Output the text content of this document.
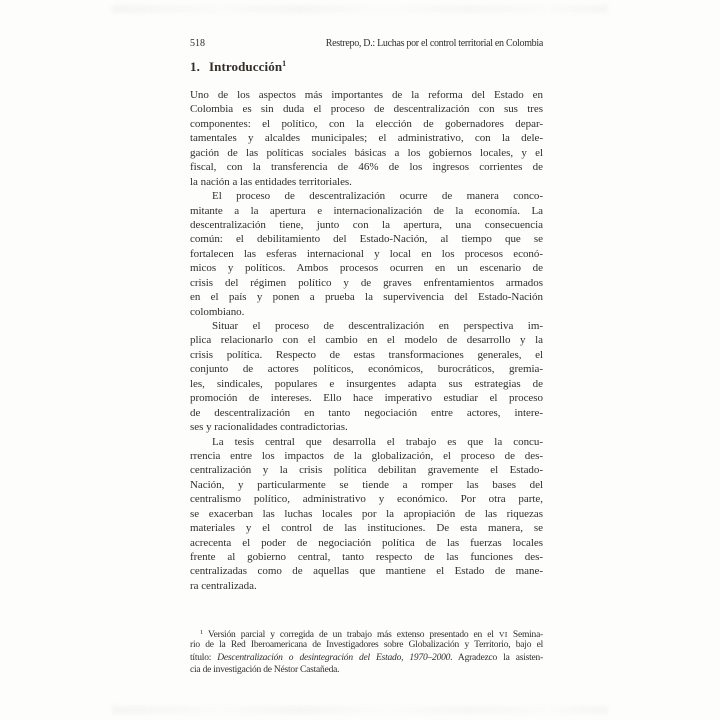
518	Restrepo, D.: Luchas por el control territorial en Colombia
1. Introducción$^1$
Uno de los aspectos más importantes de la reforma del Estado en
Colombia es sin duda el proceso de descentralización con sus tres
componentes: el político, con la elección de gobernadores depar-
tamentales y alcaldes municipales; el administrativo, con la dele-
gación de las políticas sociales básicas a los gobiernos locales, y el
fiscal, con la transferencia de 46% de los ingresos corrientes de
la nación a las entidades territoriales.
El proceso de descentralización ocurre de manera conco-
mitante a la apertura e internacionalización de la economía. La
descentralización tiene, junto con la apertura, una consecuencia
común: el debilitamiento del Estado-Nación, al tiempo que se
fortalecen las esferas internacional y local en los procesos econó-
micos y políticos. Ambos procesos ocurren en un escenario de
crisis del régimen político y de graves enfrentamientos armados
en el país y ponen a prueba la supervivencia del Estado-Nación
colombiano.
Situar el proceso de descentralización en perspectiva im-
plica relacionarlo con el cambio en el modelo de desarrollo y la
crisis política. Respecto de estas transformaciones generales, el
conjunto de actores políticos, económicos, burocráticos, gremia-
les, sindicales, populares e insurgentes adapta sus estrategias de
promoción de intereses. Ello hace imperativo estudiar el proceso
de descentralización en tanto negociación entre actores, intere-
ses y racionalidades contradictorias.
La tesis central que desarrolla el trabajo es que la concu-
rrencia entre los impactos de la globalización, el proceso de des-
centralización y la crisis política debilitan gravemente el Estado-
Nación, y particularmente se tiende a romper las bases del
centralismo político, administrativo y económico. Por otra parte,
se exacerban las luchas locales por la apropiación de las riquezas
materiales y el control de las instituciones. De esta manera, se
acrecenta el poder de negociación política de las fuerzas locales
frente al gobierno central, tanto respecto de las funciones des-
centralizadas como de aquellas que mantiene el Estado de mane-
ra centralizada.
$^1$ Versión parcial y corregida de un trabajo más extenso presentado en el VI Semina-
rio de la Red Iberoamericana de Investigadores sobre Globalización y Territorio, bajo el
título: Descentralización o desintegración del Estado, 1970–2000. Agradezco la asisten-
cia de investigación de Néstor Castañeda.
